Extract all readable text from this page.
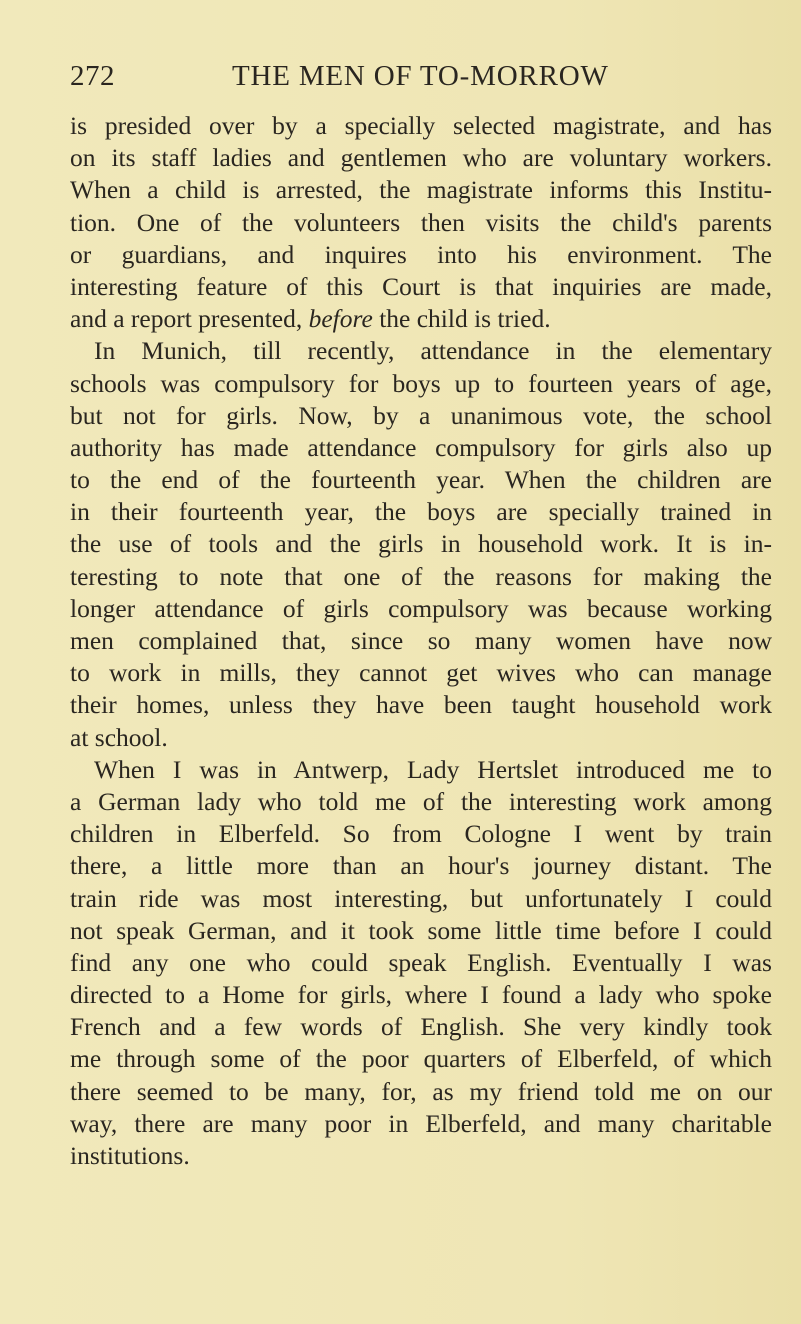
272	THE MEN OF TO-MORROW
is presided over by a specially selected magistrate, and has
on its staff ladies and gentlemen who are voluntary workers.
When a child is arrested, the magistrate informs this Institu-
tion. One of the volunteers then visits the child's parents
or guardians, and inquires into his environment. The
interesting feature of this Court is that inquiries are made,
and a report presented, before the child is tried.
In Munich, till recently, attendance in the elementary
schools was compulsory for boys up to fourteen years of age,
but not for girls. Now, by a unanimous vote, the school
authority has made attendance compulsory for girls also up
to the end of the fourteenth year. When the children are
in their fourteenth year, the boys are specially trained in
the use of tools and the girls in household work. It is in-
teresting to note that one of the reasons for making the
longer attendance of girls compulsory was because working
men complained that, since so many women have now
to work in mills, they cannot get wives who can manage
their homes, unless they have been taught household work
at school.
When I was in Antwerp, Lady Hertslet introduced me to
a German lady who told me of the interesting work among
children in Elberfeld. So from Cologne I went by train
there, a little more than an hour's journey distant. The
train ride was most interesting, but unfortunately I could
not speak German, and it took some little time before I could
find any one who could speak English. Eventually I was
directed to a Home for girls, where I found a lady who spoke
French and a few words of English. She very kindly took
me through some of the poor quarters of Elberfeld, of which
there seemed to be many, for, as my friend told me on our
way, there are many poor in Elberfeld, and many charitable
institutions.
